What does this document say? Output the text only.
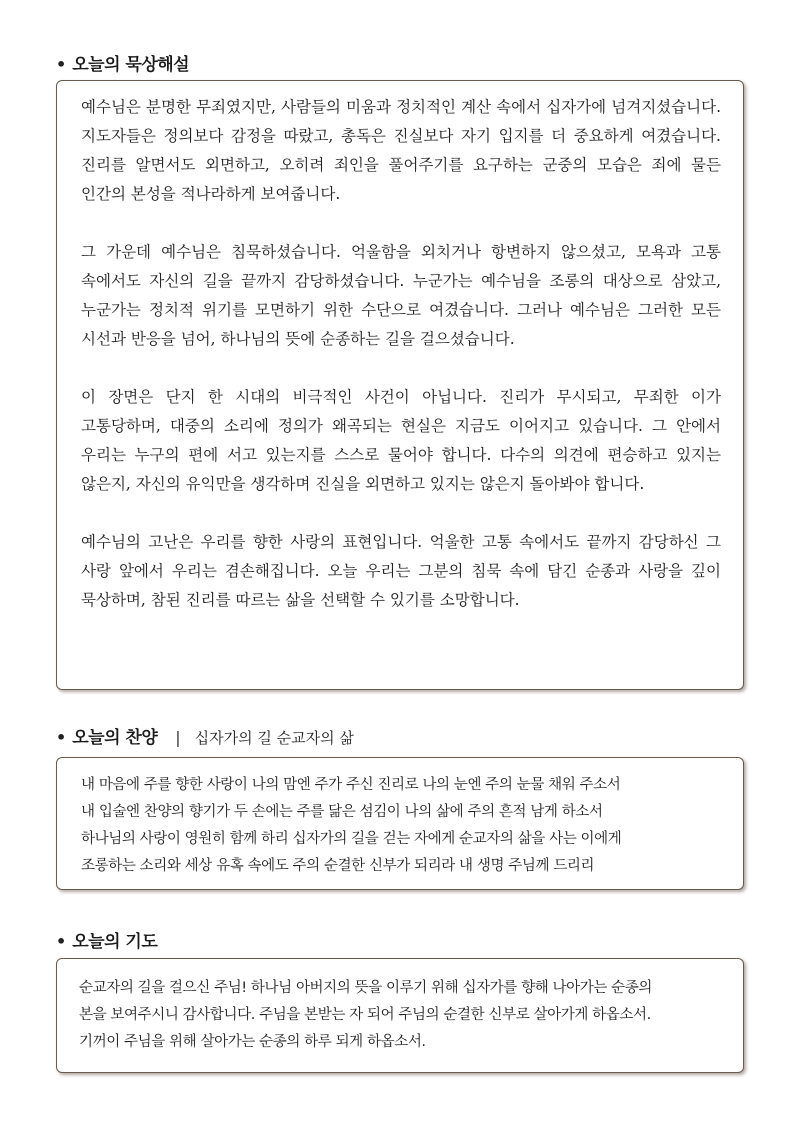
• 오늘의 묵상해설

예수님은 분명한 무죄였지만, 사람들의 미움과 정치적인 계산 속에서 십자가에 넘겨지셨습니다. 지도자들은 정의보다 감정을 따랐고, 총독은 진실보다 자기 입지를 더 중요하게 여겼습니다. 진리를 알면서도 외면하고, 오히려 죄인을 풀어주기를 요구하는 군중의 모습은 죄에 물든 인간의 본성을 적나라하게 보여줍니다.

그 가운데 예수님은 침묵하셨습니다. 억울함을 외치거나 항변하지 않으셨고, 모욕과 고통 속에서도 자신의 길을 끝까지 감당하셨습니다. 누군가는 예수님을 조롱의 대상으로 삼았고, 누군가는 정치적 위기를 모면하기 위한 수단으로 여겼습니다. 그러나 예수님은 그러한 모든 시선과 반응을 넘어, 하나님의 뜻에 순종하는 길을 걸으셨습니다.

이 장면은 단지 한 시대의 비극적인 사건이 아닙니다. 진리가 무시되고, 무죄한 이가 고통당하며, 대중의 소리에 정의가 왜곡되는 현실은 지금도 이어지고 있습니다. 그 안에서 우리는 누구의 편에 서고 있는지를 스스로 물어야 합니다. 다수의 의견에 편승하고 있지는 않은지, 자신의 유익만을 생각하며 진실을 외면하고 있지는 않은지 돌아봐야 합니다.

예수님의 고난은 우리를 향한 사랑의 표현입니다. 억울한 고통 속에서도 끝까지 감당하신 그 사랑 앞에서 우리는 겸손해집니다. 오늘 우리는 그분의 침묵 속에 담긴 순종과 사랑을 깊이 묵상하며, 참된 진리를 따르는 삶을 선택할 수 있기를 소망합니다.

• 오늘의 찬양 | 십자가의 길 순교자의 삶

내 마음에 주를 향한 사랑이 나의 맘엔 주가 주신 진리로 나의 눈엔 주의 눈물 채워 주소서

내 입술엔 찬양의 향기가 두 손에는 주를 닮은 섬김이 나의 삶에 주의 흔적 남게 하소서

하나님의 사랑이 영원히 함께 하리 십자가의 길을 걷는 자에게 순교자의 삶을 사는 이에게

조롱하는 소리와 세상 유혹 속에도 주의 순결한 신부가 되리라 내 생명 주님께 드리리

• 오늘의 기도

순교자의 길을 걸으신 주님! 하나님 아버지의 뜻을 이루기 위해 십자가를 향해 나아가는 순종의

본을 보여주시니 감사합니다. 주님을 본받는 자 되어 주님의 순결한 신부로 살아가게 하옵소서.

기꺼이 주님을 위해 살아가는 순종의 하루 되게 하옵소서.
